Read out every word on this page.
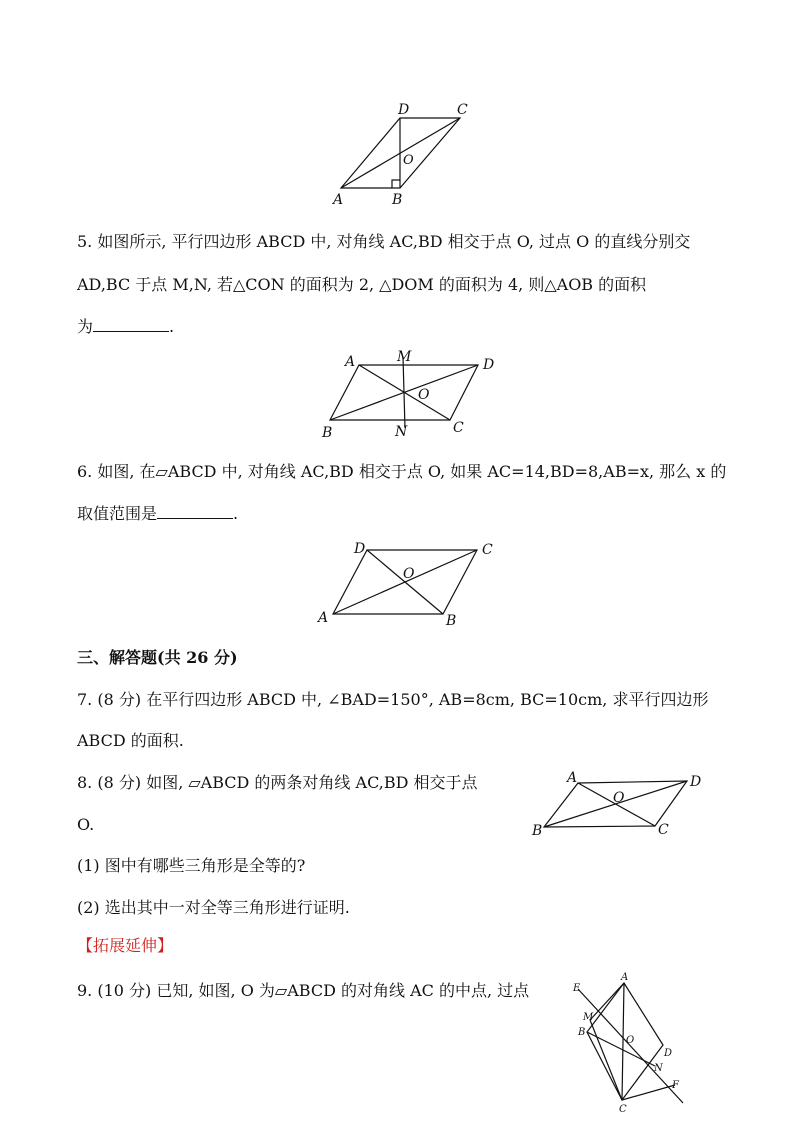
D	C
O
A	B
5. 如图所示, 平行四边形 ABCD 中, 对角线 AC,BD 相交于点 O, 过点 O 的直线分别交
AD,BC 于点 M,N, 若△CON 的面积为 2, △DOM 的面积为 4, 则△AOB 的面积
为	.
A	M	D
O
B	N	C
6. 如图, 在▱ABCD 中, 对角线 AC,BD 相交于点 O, 如果 AC=14,BD=8,AB=x, 那么 x 的
取值范围是	.
D	C
O
A	B
三、解答题(共 26 分)
7. (8 分) 在平行四边形 ABCD 中, ∠BAD=150°, AB=8cm, BC=10cm, 求平行四边形
ABCD 的面积.
8. (8 分) 如图, ▱ABCD 的两条对角线 AC,BD 相交于点
O.
(1) 图中有哪些三角形是全等的?
(2) 选出其中一对全等三角形进行证明.
A	D
O
B	C
【拓展延伸】
9. (10 分) 已知, 如图, O 为▱ABCD 的对角线 AC 的中点, 过点
A
E
M
B
O
D
N
F
C
